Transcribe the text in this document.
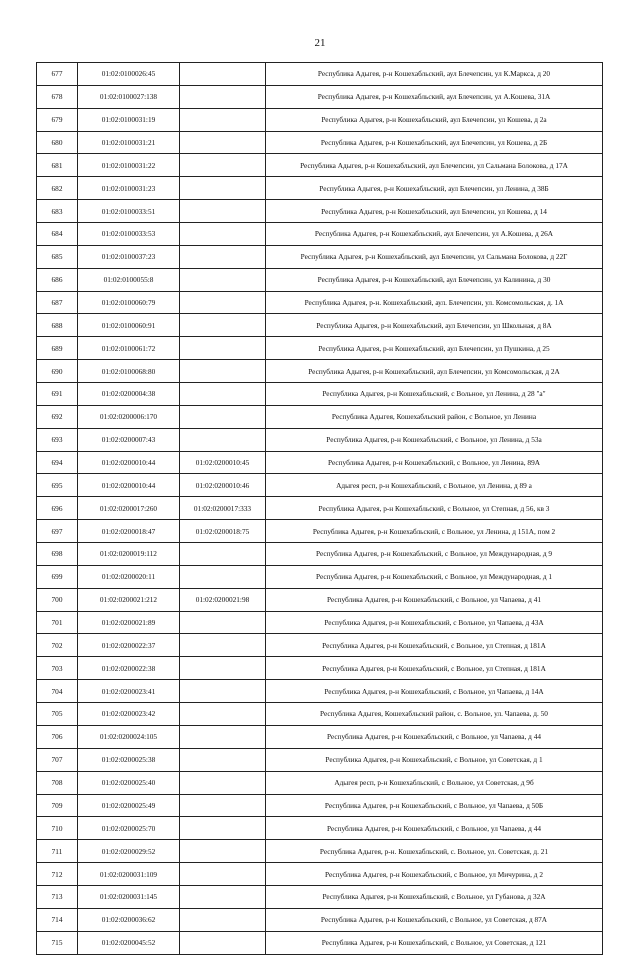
21
677	01:02:0100026:45		Республика Адыгея, р-н Кошехабльский, аул Блечепсин, ул К.Маркса, д 20
678	01:02:0100027:138		Республика Адыгея, р-н Кошехабльский, аул Блечепсин, ул А.Кошева, 31А
679	01:02:0100031:19		Республика Адыгея, р-н Кошехабльский, аул Блечепсин, ул Кошева, д 2а
680	01:02:0100031:21		Республика Адыгея, р-н Кошехабльский, аул Блечепсин, ул Кошева, д 2Б
681	01:02:0100031:22		Республика Адыгея, р-н Кошехабльский, аул Блечепсин, ул Сальмана Болокова, д 17А
682	01:02:0100031:23		Республика Адыгея, р-н Кошехабльский, аул Блечепсин, ул Ленина, д 38Б
683	01:02:0100033:51		Республика Адыгея, р-н Кошехабльский, аул Блечепсин, ул Кошева, д 14
684	01:02:0100033:53		Республика Адыгея, р-н Кошехабльский, аул Блечепсин, ул А.Кошева, д 26А
685	01:02:0100037:23		Республика Адыгея, р-н Кошехабльский, аул Блечепсин, ул Сальмана Болокова, д 22Г
686	01:02:0100055:8		Республика Адыгея, р-н Кошехабльский, аул Блечепсин, ул Калинина, д 30
687	01:02:0100060:79		Республика Адыгея, р-н. Кошехабльский, аул. Блечепсин, ул. Комсомольская, д. 1А
688	01:02:0100060:91		Республика Адыгея, р-н Кошехабльский, аул Блечепсин, ул Школьная, д 8А
689	01:02:0100061:72		Республика Адыгея, р-н Кошехабльский, аул Блечепсин, ул Пушкина, д 25
690	01:02:0100068:80		Республика Адыгея, р-н Кошехабльский, аул Блечепсин, ул Комсомольская, д 2А
691	01:02:0200004:38		Республика Адыгея, р-н Кошехабльский, с Вольное, ул Ленина, д 28 "а"
692	01:02:0200006:170		Республика Адыгея, Кошехабльский район, с Вольное, ул Ленина
693	01:02:0200007:43		Республика Адыгея, р-н Кошехабльский, с Вольное, ул Ленина, д 53а
694	01:02:0200010:44	01:02:0200010:45	Республика Адыгея, р-н Кошехабльский, с Вольное, ул Ленина, 89А
695	01:02:0200010:44	01:02:0200010:46	Адыгея респ, р-н Кошехабльский, с Вольное, ул Ленина, д 89 а
696	01:02:0200017:260	01:02:0200017:333	Республика Адыгея, р-н Кошехабльский, с Вольное, ул Степная, д 56, кв 3
697	01:02:0200018:47	01:02:0200018:75	Республика Адыгея, р-н Кошехабльский, с Вольное, ул Ленина, д 151А, пом 2
698	01:02:0200019:112		Республика Адыгея, р-н Кошехабльский, с Вольное, ул Международная, д 9
699	01:02:0200020:11		Республика Адыгея, р-н Кошехабльский, с Вольное, ул Международная, д 1
700	01:02:0200021:212	01:02:0200021:98	Республика Адыгея, р-н Кошехабльский, с Вольное, ул Чапаева, д 41
701	01:02:0200021:89		Республика Адыгея, р-н Кошехабльский, с Вольное, ул Чапаева, д 43А
702	01:02:0200022:37		Республика Адыгея, р-н Кошехабльский, с Вольное, ул Степная, д 181А
703	01:02:0200022:38		Республика Адыгея, р-н Кошехабльский, с Вольное, ул Степная, д 181А
704	01:02:0200023:41		Республика Адыгея, р-н Кошехабльский, с Вольное, ул Чапаева, д 14А
705	01:02:0200023:42		Республика Адыгея, Кошехабльский район, с. Вольное, ул. Чапаева, д. 50
706	01:02:0200024:105		Республика Адыгея, р-н Кошехабльский, с Вольное, ул Чапаева, д 44
707	01:02:0200025:38		Республика Адыгея, р-н Кошехабльский, с Вольное, ул Советская, д 1
708	01:02:0200025:40		Адыгея респ, р-н Кошехабльский, с Вольное, ул Советская, д 9б
709	01:02:0200025:49		Республика Адыгея, р-н Кошехабльский, с Вольное, ул Чапаева, д 50Б
710	01:02:0200025:70		Республика Адыгея, р-н Кошехабльский, с Вольное, ул Чапаева, д 44
711	01:02:0200029:52		Республика Адыгея, р-н. Кошехабльский, с. Вольное, ул. Советская, д. 21
712	01:02:0200031:109		Республика Адыгея, р-н Кошехабльский, с Вольное, ул Мичурина, д 2
713	01:02:0200031:145		Республика Адыгея, р-н Кошехабльский, с Вольное, ул Губанова, д 32А
714	01:02:0200036:62		Республика Адыгея, р-н Кошехабльский, с Вольное, ул Советская, д 87А
715	01:02:0200045:52		Республика Адыгея, р-н Кошехабльский, с Вольное, ул Советская, д 121
